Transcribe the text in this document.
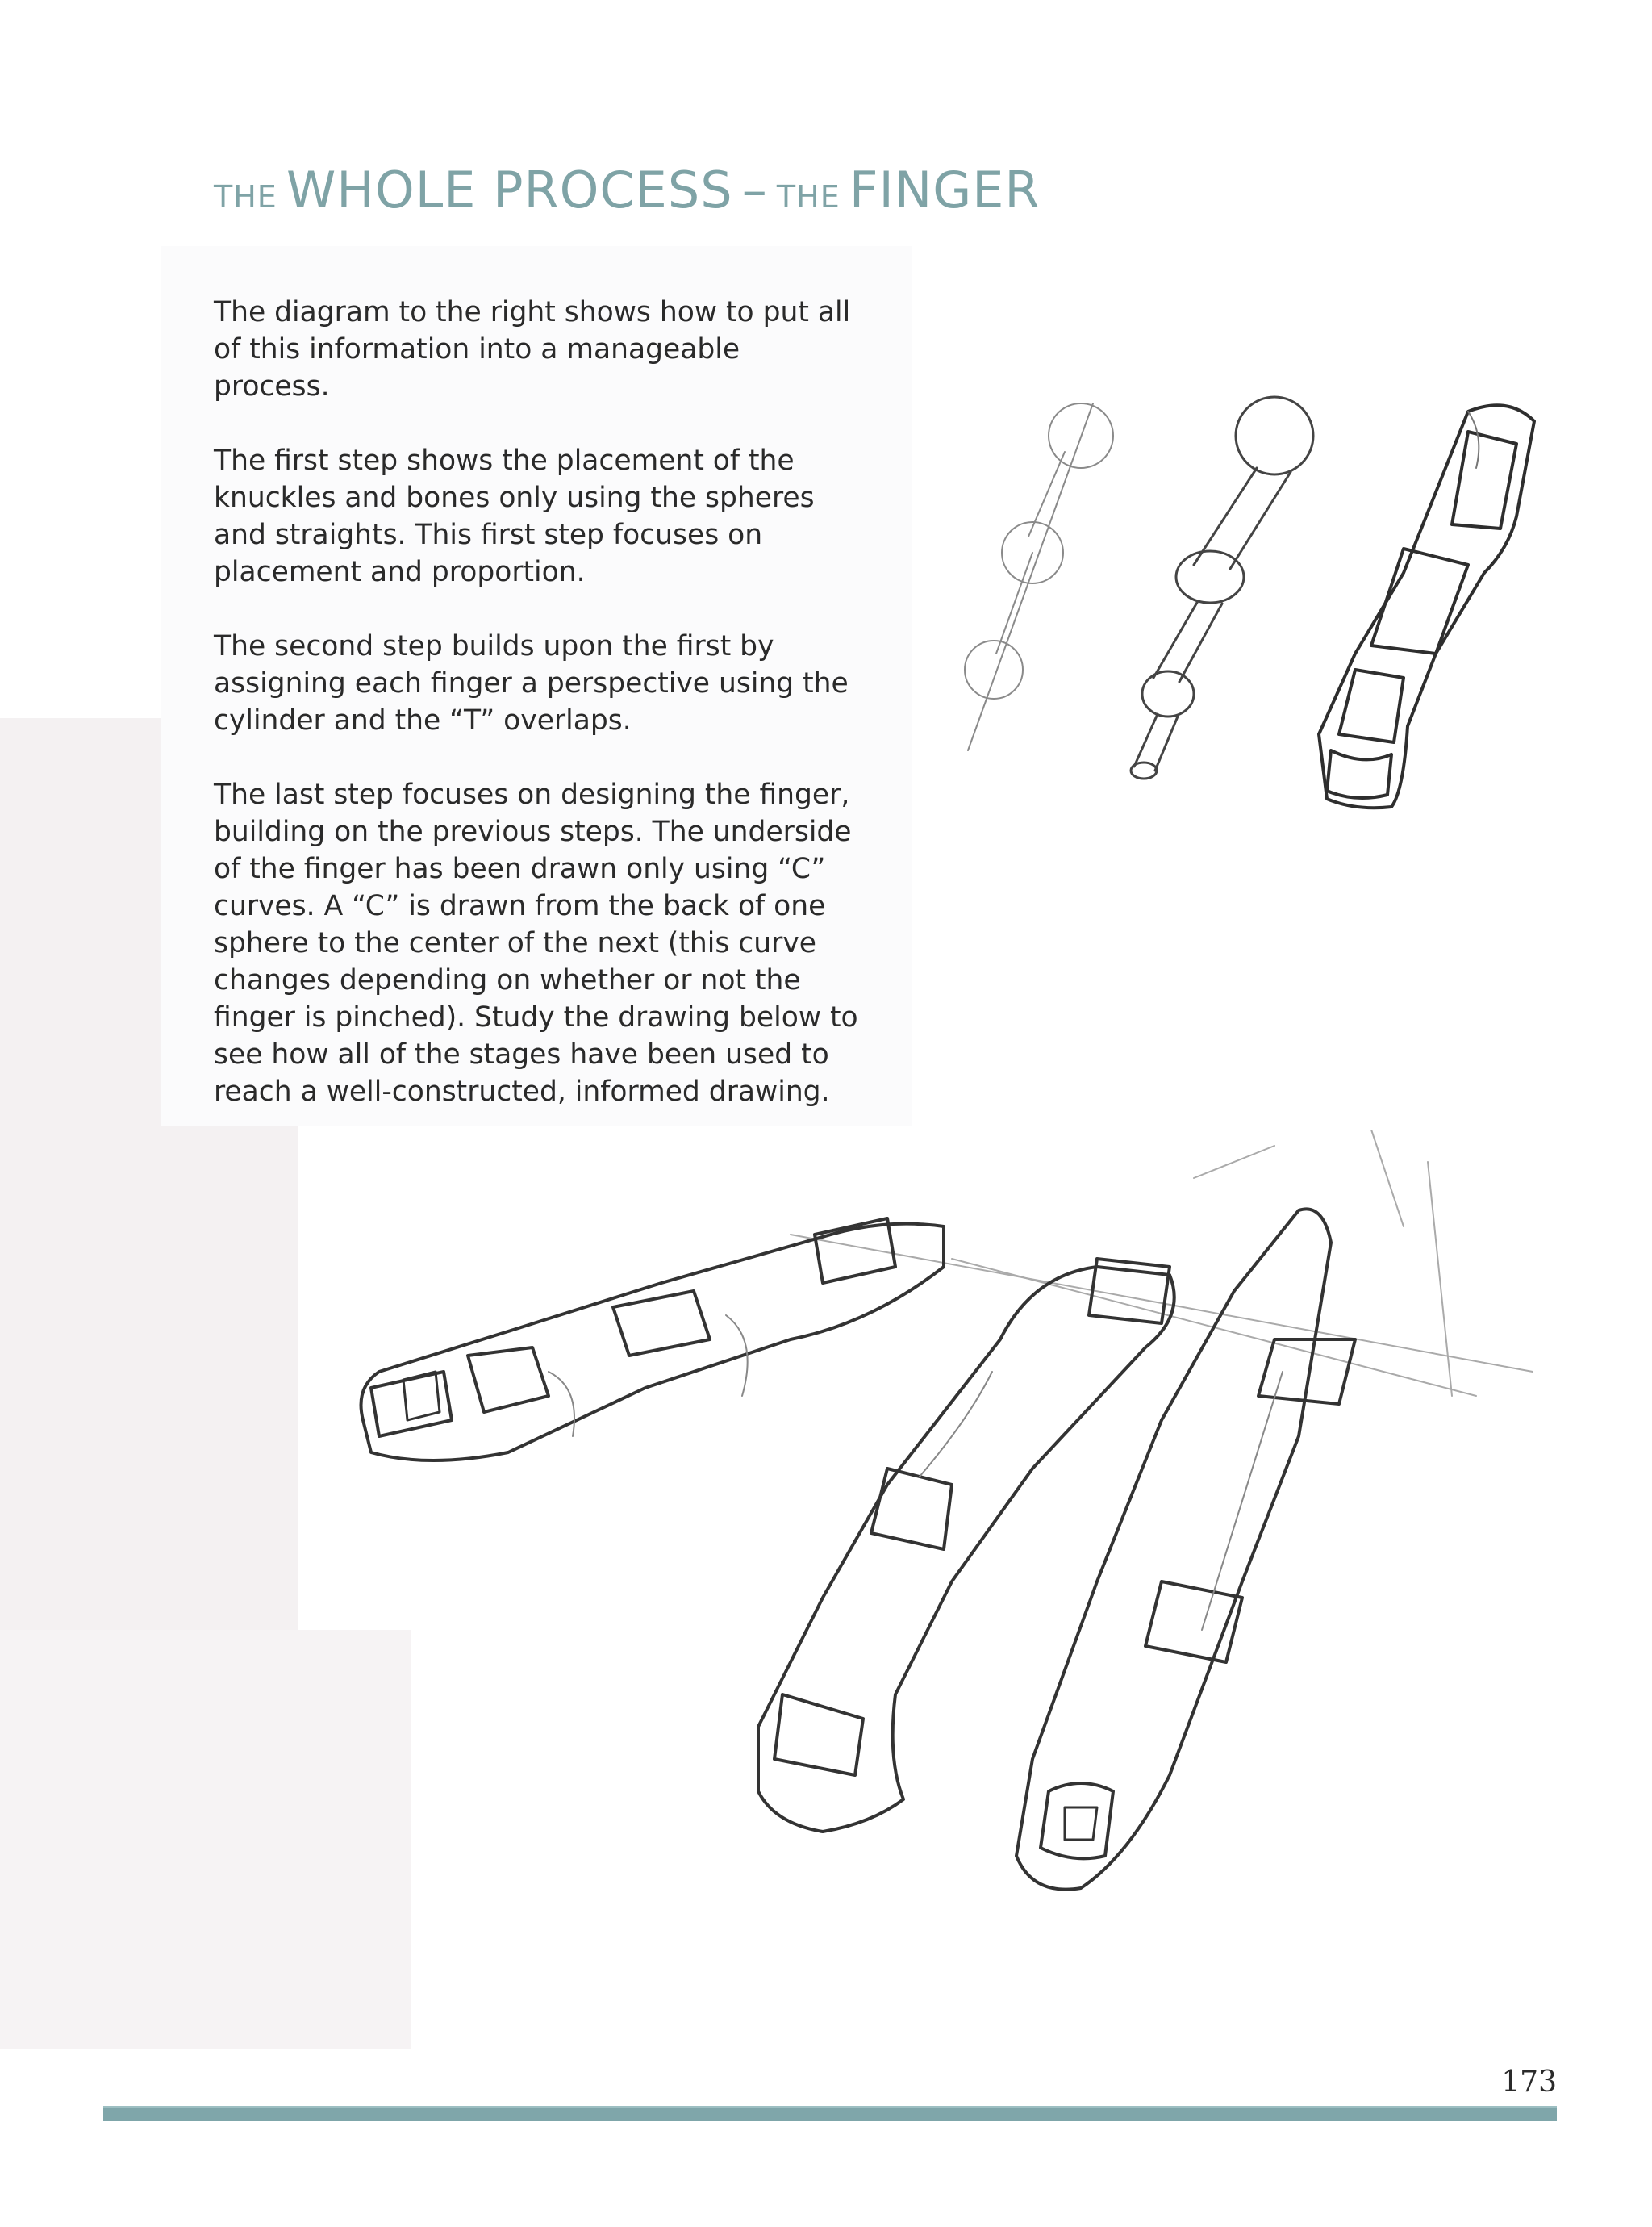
THE WHOLE PROCESS – THE FINGER

The diagram to the right shows how to put all of this information into a manageable process.

The first step shows the placement of the knuckles and bones only using the spheres and straights. This first step focuses on placement and proportion.

The second step builds upon the first by assigning each finger a perspective using the cylinder and the “T” overlaps.

The last step focuses on designing the finger, building on the previous steps. The underside of the finger has been drawn only using “C” curves. A “C” is drawn from the back of one sphere to the center of the next (this curve changes depending on whether or not the finger is pinched). Study the drawing below to see how all of the stages have been used to reach a well-constructed, informed drawing.

173
